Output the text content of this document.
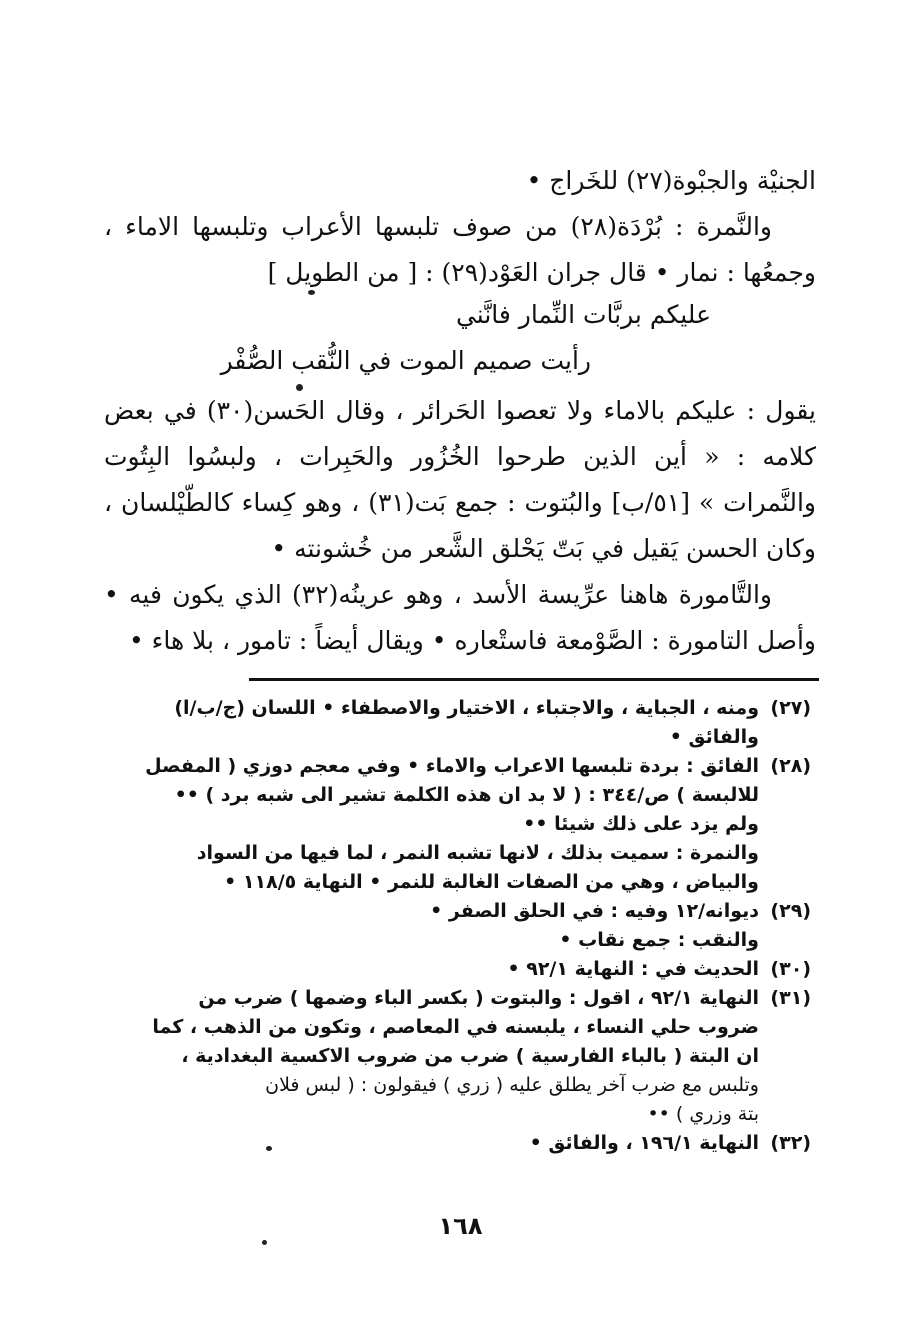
الجنيْة والجبْوة(٢٧) للخَراج •

والنَّمرة : بُرْدَة(٢٨) من صوف تلبسها الأعراب وتلبسها الاماء ، وجمعُها : نمار • قال جران العَوْد(٢٩) : [ من الطويل ]

يقول : عليكم بالاماء ولا تعصوا الحَرائر ، وقال الحَسن(٣٠) في بعض كلامه : « أين الذين طرحوا الخُزُور والحَبِرات ، ولبسُوا البِتُوت والنَّمرات » [٥١/ب] والبُتوت : جمع بَت(٣١) ، وهو كِساء كالطّيْلسان ، وكان الحسن يَقيل في بَتّ يَحْلق الشَّعر من خُشونته •

والتَّامورة هاهنا عرِّيسة الأسد ، وهو عرينُه(٣٢) الذي يكون فيه • وأصل التامورة : الصَّوْمعة فاستْعاره • ويقال أيضاً : تامور ، بلا هاء •

عليكم بربَّات النِّمار فانَّني
رأيت صميم الموت في النُّقب الصُّفْر
(٢٧)
ومنه ، الجباية ، والاجتباء ، الاختيار والاصطفاء • اللسان (ج/ب/ا)
والفائق •
(٢٨)
الفائق : بردة تلبسها الاعراب والاماء • وفي معجم دوزي ( المفصل
للالبسة ) ص/٣٤٤ : ( لا بد ان هذه الكلمة تشير الى شبه برد ) ••
ولم يزد على ذلك شيئا ••
والنمرة : سميت بذلك ، لانها تشبه النمر ، لما فيها من السواد
والبياض ، وهي من الصفات الغالبة للنمر • النهاية ١١٨/٥ •
(٢٩)
ديوانه/١٢ وفيه : في الحلق الصفر •
والنقب : جمع نقاب •
(٣٠)
الحديث في : النهاية ٩٢/١ •
(٣١)
النهاية ٩٢/١ ، اقول : والبتوت ( بكسر الباء وضمها ) ضرب من
ضروب حلي النساء ، يلبسنه في المعاصم ، وتكون من الذهب ، كما
ان البتة ( بالباء الفارسية ) ضرب من ضروب الاكسية البغدادية ،
وتلبس مع ضرب آخر يطلق عليه ( زري ) فيقولون : ( لبس فلان
بتة وزري ) ••
(٣٢)
النهاية ١٩٦/١ ، والفائق •
١٦٨
